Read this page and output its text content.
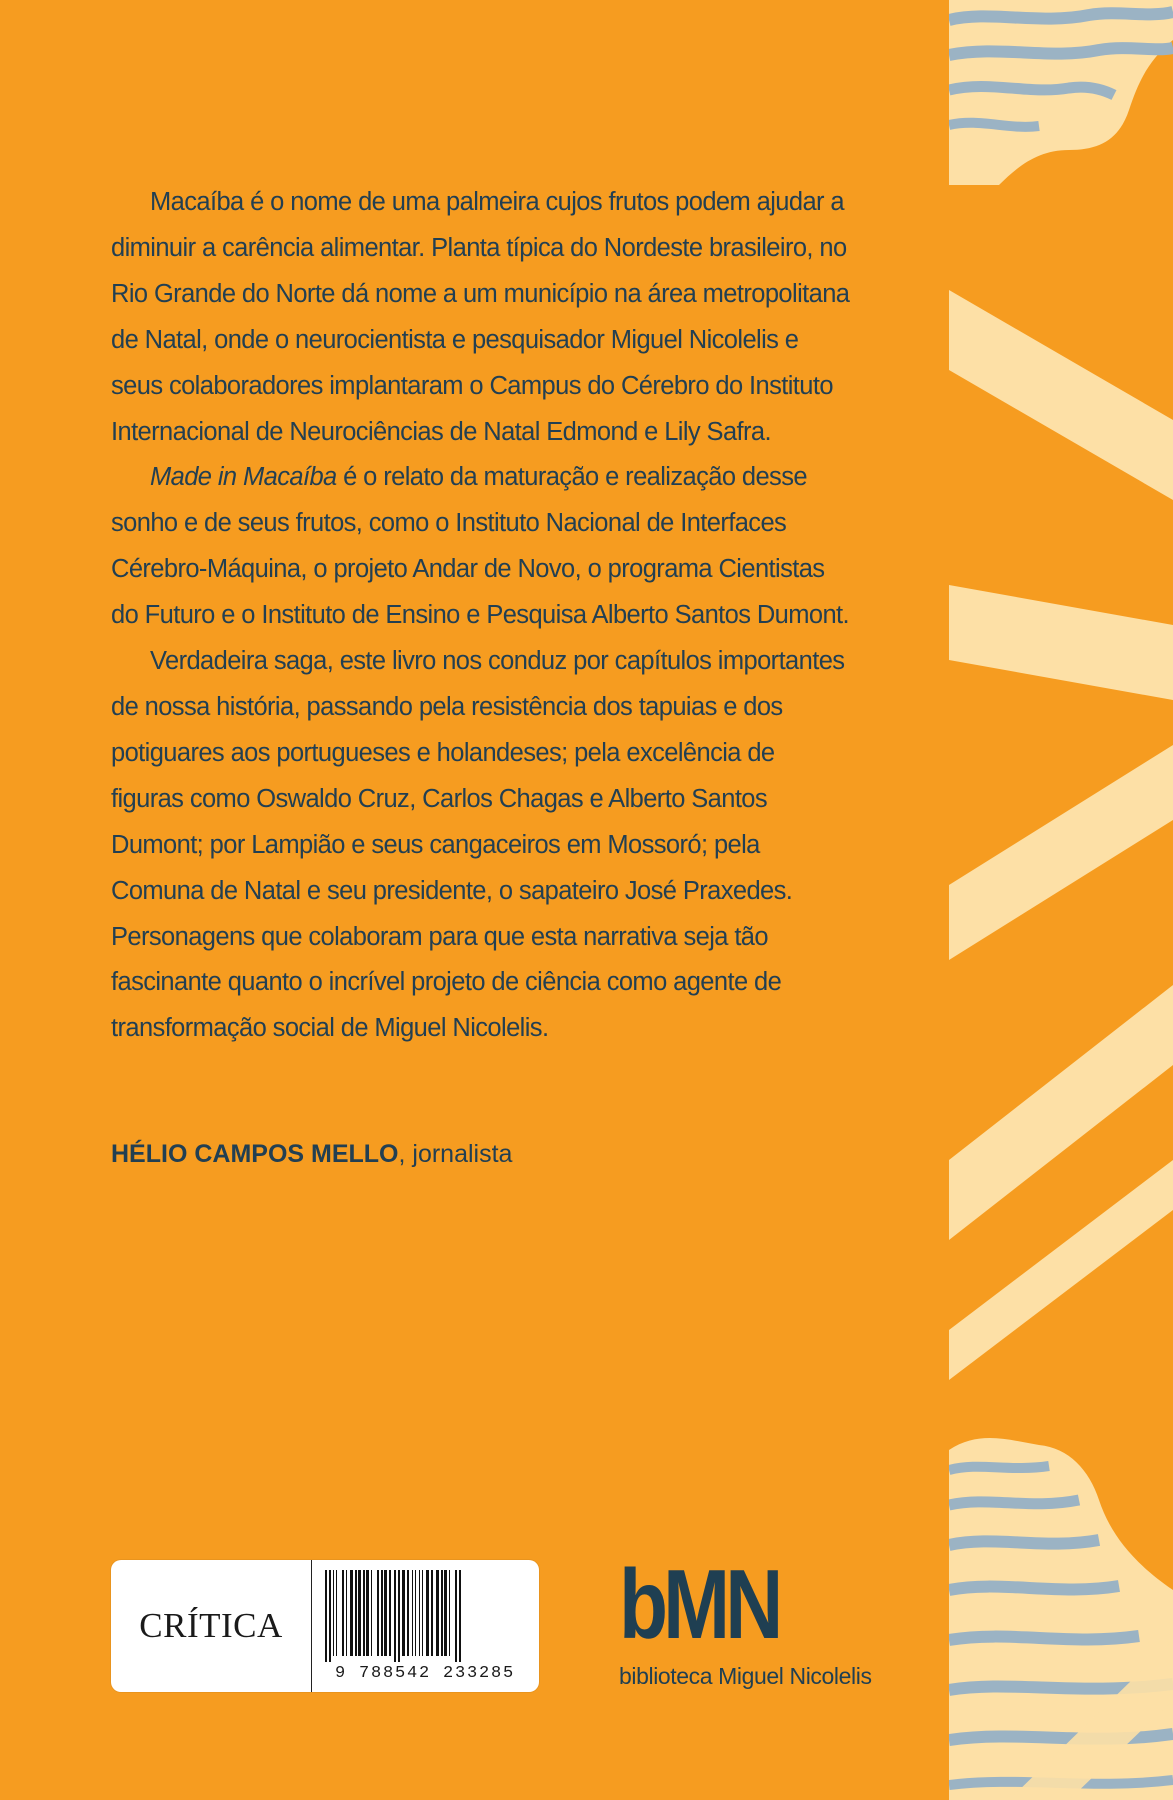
Macaíba é o nome de uma palmeira cujos frutos podem ajudar a diminuir a carência alimentar. Planta típica do Nordeste brasileiro, no Rio Grande do Norte dá nome a um município na área metropolitana de Natal, onde o neurocientista e pesquisador Miguel Nicolelis e seus colaboradores implantaram o Campus do Cérebro do Instituto Internacional de Neurociências de Natal Edmond e Lily Safra.

Made in Macaíba é o relato da maturação e realização desse sonho e de seus frutos, como o Instituto Nacional de Interfaces Cérebro-Máquina, o projeto Andar de Novo, o programa Cientistas do Futuro e o Instituto de Ensino e Pesquisa Alberto Santos Dumont.

Verdadeira saga, este livro nos conduz por capítulos importantes de nossa história, passando pela resistência dos tapuias e dos potiguares aos portugueses e holandeses; pela excelência de figuras como Oswaldo Cruz, Carlos Chagas e Alberto Santos Dumont; por Lampião e seus cangaceiros em Mossoró; pela Comuna de Natal e seu presidente, o sapateiro José Praxedes. Personagens que colaboram para que esta narrativa seja tão fascinante quanto o incrível projeto de ciência como agente de transformação social de Miguel Nicolelis.

HÉLIO CAMPOS MELLO, jornalista
CRÍTICA
9 788542 233285
bMN
biblioteca Miguel Nicolelis
